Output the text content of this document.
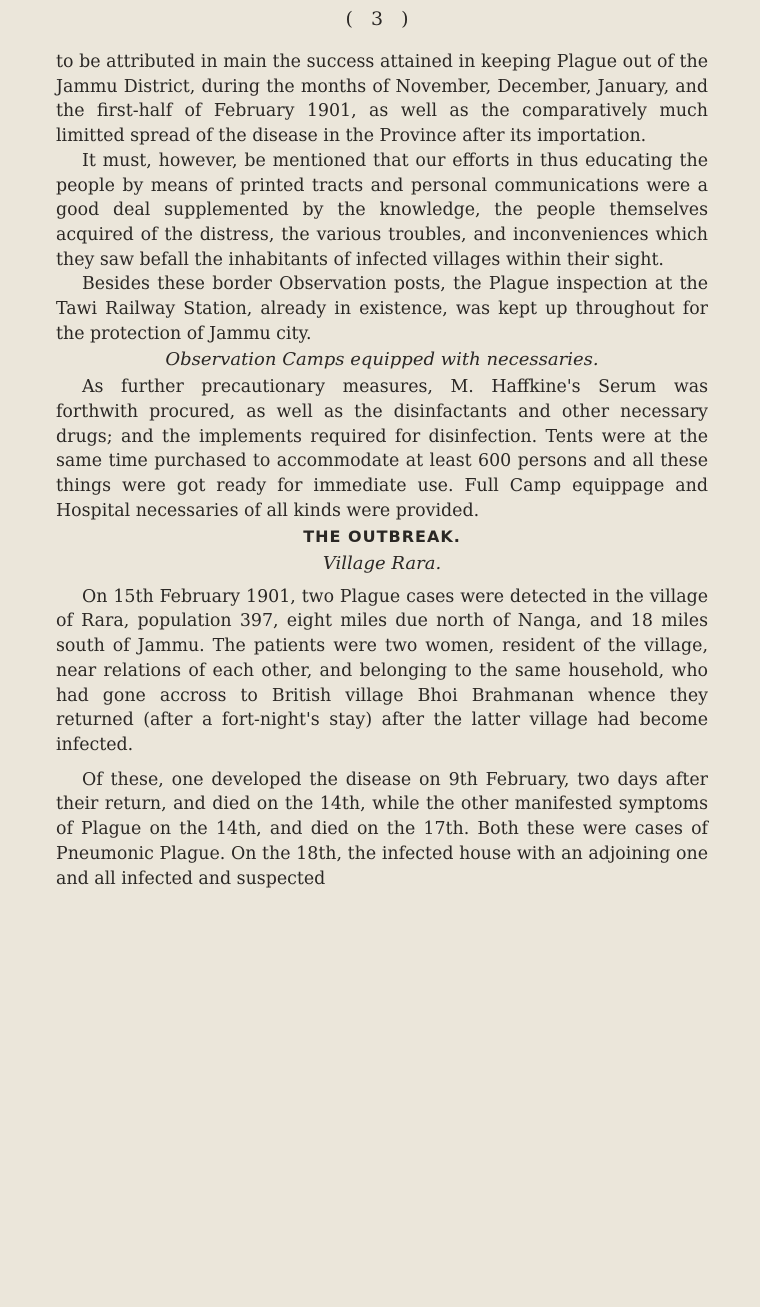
( 3 )

to be attributed in main the success attained in keeping Plague out of the Jammu District, during the months of November, December, January, and the first-half of February 1901, as well as the comparatively much limitted spread of the disease in the Province after its importation.

It must, however, be mentioned that our efforts in thus educating the people by means of printed tracts and personal communications were a good deal supplemented by the knowledge, the people themselves acquired of the distress, the various troubles, and inconveniences which they saw befall the inhabitants of infected villages within their sight.

Besides these border Observation posts, the Plague inspection at the Tawi Railway Station, already in existence, was kept up throughout for the protection of Jammu city.

Observation Camps equipped with necessaries.

As further precautionary measures, M. Haffkine's Serum was forthwith procured, as well as the disinfactants and other necessary drugs; and the implements required for disinfection. Tents were at the same time purchased to accommodate at least 600 persons and all these things were got ready for immediate use. Full Camp equippage and Hospital necessaries of all kinds were provided.

THE OUTBREAK.

Village Rara.

On 15th February 1901, two Plague cases were detected in the village of Rara, population 397, eight miles due north of Nanga, and 18 miles south of Jammu. The patients were two women, resident of the village, near relations of each other, and belonging to the same household, who had gone accross to British village Bhoi Brahmanan whence they returned (after a fort-night's stay) after the latter village had become infected.

Of these, one developed the disease on 9th February, two days after their return, and died on the 14th, while the other manifested symptoms of Plague on the 14th, and died on the 17th. Both these were cases of Pneumonic Plague. On the 18th, the infected house with an adjoining one and all infected and suspected
